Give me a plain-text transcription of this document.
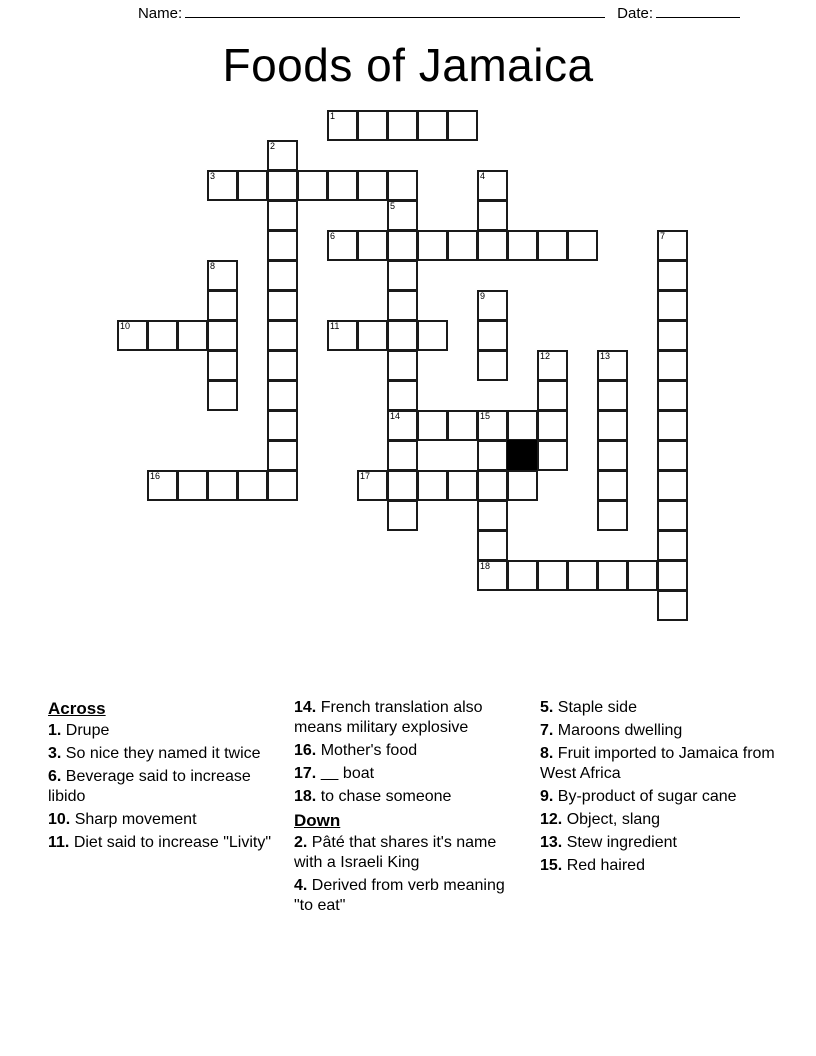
Name:	Date:
Foods of Jamaica
1
2
3	4
5
6	7
8
9
10	11
12	13
14	15
16	17
18
Across
1. Drupe
3. So nice they named it twice
6. Beverage said to increase libido
10. Sharp movement
11. Diet said to increase "Livity"
14. French translation also means military explosive
16. Mother's food
17.      boat
18. to chase someone
Down
2. Pâté that shares it's name with a Israeli King
4. Derived from verb meaning "to eat"
5. Staple side
7. Maroons dwelling
8. Fruit imported to Jamaica from West Africa
9. By-product of sugar cane
12. Object, slang
13. Stew ingredient
15. Red haired
